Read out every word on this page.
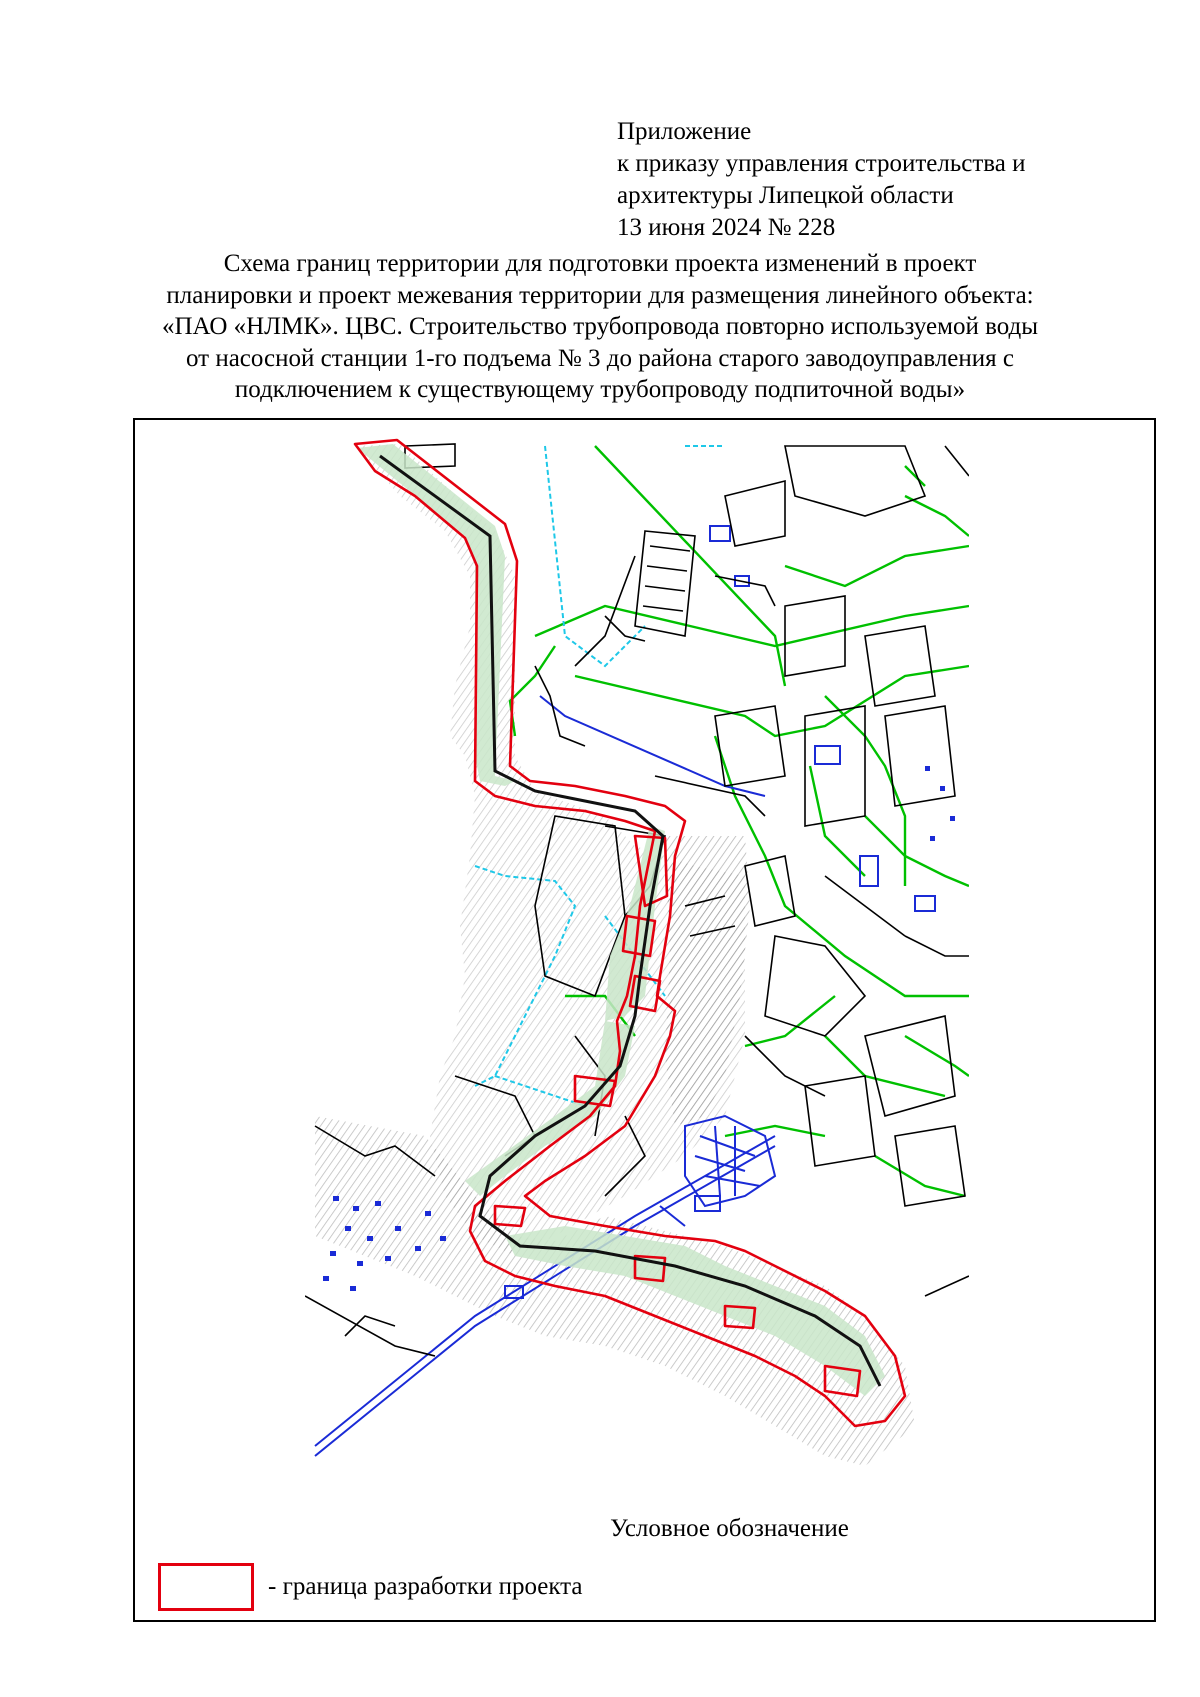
Приложение
к приказу управления строительства и
архитектуры Липецкой области
13 июня 2024 № 228
Схема границ территории для подготовки проекта изменений в проект
планировки и проект межевания территории для размещения линейного объекта:
«ПАО «НЛМК». ЦВС. Строительство трубопровода повторно используемой воды
от насосной станции 1-го подъема № 3 до района старого заводоуправления с
подключением к существующему трубопроводу подпиточной воды»
Условное обозначение
- граница разработки проекта
